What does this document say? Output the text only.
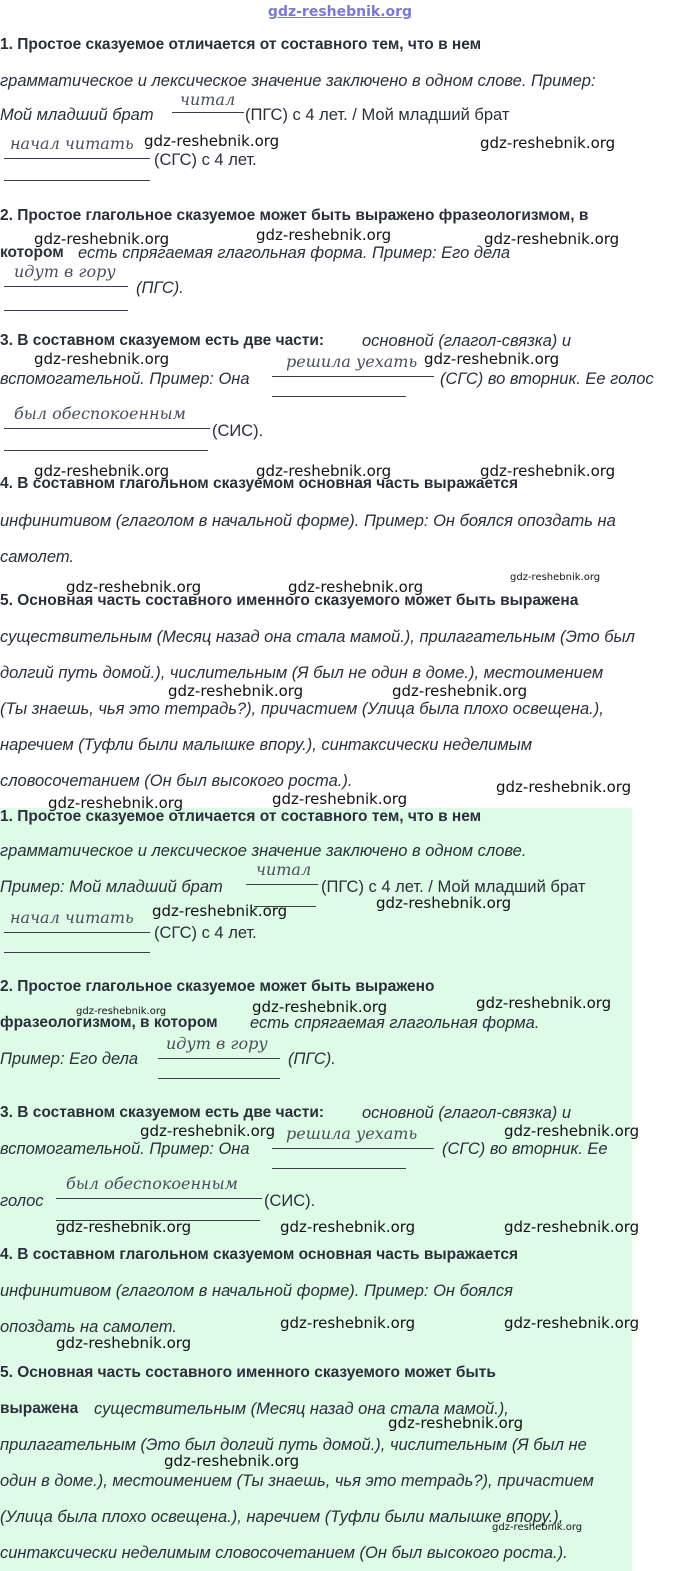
gdz-reshebnik.org
1. Простое сказуемое отличается от составного тем, что в нем
грамматическое и лексическое значение заключено в одном слове. Пример:
Мой младший брат
читал
(ПГС) с 4 лет. / Мой младший брат
начал читать
(СГС) с 4 лет.
2. Простое глагольное сказуемое может быть выражено фразеологизмом, в
котором есть спрягаемая глагольная форма. Пример: Его дела
идут в гору
(ПГС).
3. В составном сказуемом есть две части: основной (глагол-связка) и
вспомогательной. Пример: Она
решила уехать
(СГС) во вторник. Ее голос
был обеспокоенным
(СИС).
4. В составном глагольном сказуемом основная часть выражается
инфинитивом (глаголом в начальной форме). Пример: Он боялся опоздать на
самолет.
5. Основная часть составного именного сказуемого может быть выражена
существительным (Месяц назад она стала мамой.), прилагательным (Это был
долгий путь домой.), числительным (Я был не один в доме.), местоимением
(Ты знаешь, чья это тетрадь?), причастием (Улица была плохо освещена.),
наречием (Туфли были малышке впору.), синтаксически неделимым
словосочетанием (Он был высокого роста.).
1. Простое сказуемое отличается от составного тем, что в нем
грамматическое и лексическое значение заключено в одном слове.
Пример: Мой младший брат
читал
(ПГС) с 4 лет. / Мой младший брат
начал читать
(СГС) с 4 лет.
2. Простое глагольное сказуемое может быть выражено
фразеологизмом, в котором есть спрягаемая глагольная форма.
Пример: Его дела
идут в гору
(ПГС).
3. В составном сказуемом есть две части: основной (глагол-связка) и
вспомогательной. Пример: Она
решила уехать
(СГС) во вторник. Ее
голос
был обеспокоенным
(СИС).
4. В составном глагольном сказуемом основная часть выражается
инфинитивом (глаголом в начальной форме). Пример: Он боялся
опоздать на самолет.
5. Основная часть составного именного сказуемого может быть
выражена существительным (Месяц назад она стала мамой.),
прилагательным (Это был долгий путь домой.), числительным (Я был не
один в доме.), местоимением (Ты знаешь, чья это тетрадь?), причастием
(Улица была плохо освещена.), наречием (Туфли были малышке впору.),
синтаксически неделимым словосочетанием (Он был высокого роста.).
gdz-reshebnik.org	gdz-reshebnik.org
gdz-reshebnik.org	gdz-reshebnik.org	gdz-reshebnik.org
gdz-reshebnik.org	gdz-reshebnik.org
gdz-reshebnik.org	gdz-reshebnik.org	gdz-reshebnik.org
gdz-reshebnik.org	gdz-reshebnik.org
gdz-reshebnik.org
gdz-reshebnik.org	gdz-reshebnik.org
gdz-reshebnik.org
gdz-reshebnik.org	gdz-reshebnik.org
gdz-reshebnik.org	gdz-reshebnik.org
gdz-reshebnik.org	gdz-reshebnik.org	gdz-reshebnik.org
gdz-reshebnik.org	gdz-reshebnik.org
gdz-reshebnik.org	gdz-reshebnik.org	gdz-reshebnik.org
gdz-reshebnik.org	gdz-reshebnik.org
gdz-reshebnik.org
gdz-reshebnik.org
gdz-reshebnik.org
gdz-reshebnik.org
